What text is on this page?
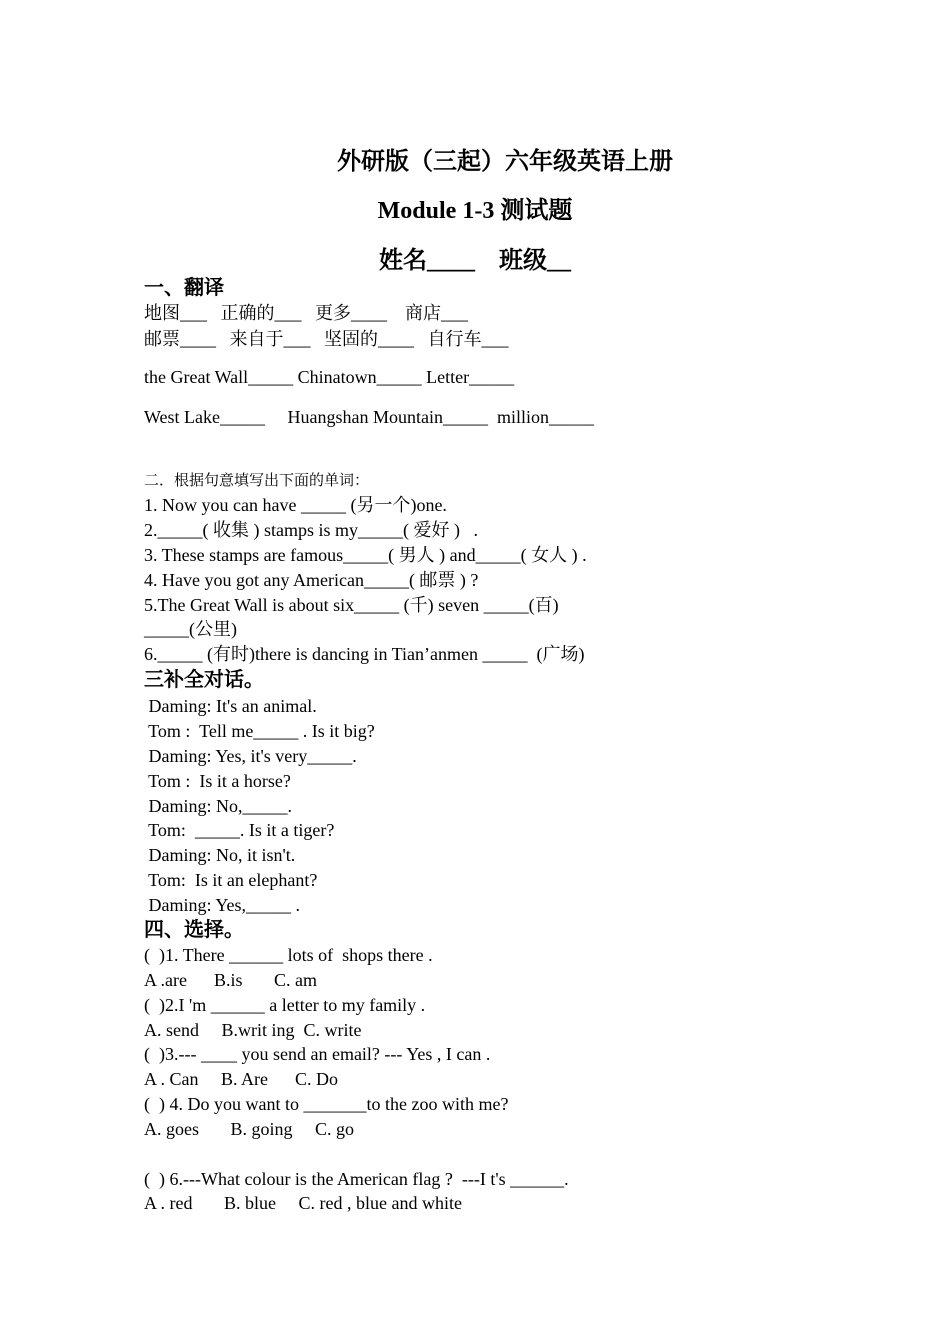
外研版（三起）六年级英语上册
Module 1-3 测试题
姓名____    班级__
一、翻译
地图___   正确的___   更多____    商店___
邮票____   来自于___   坚固的____   自行车___
the Great Wall_____ Chinatown_____ Letter_____
West Lake_____     Huangshan Mountain_____  million_____
二．根据句意填写出下面的单词：
1. Now you can have _____ (另一个)one.
2._____( 收集 ) stamps is my_____( 爱好 )   .
3. These stamps are famous_____( 男人 ) and_____( 女人 ) .
4. Have you got any American_____( 邮票 ) ?
5.The Great Wall is about six_____ (千) seven _____(百)
_____(公里)
6._____ (有时)there is dancing in Tian’anmen _____  (广场)
三补全对话。
Daming: It's an animal.
Tom :  Tell me_____ . Is it big?
Daming: Yes, it's very_____.
Tom :  Is it a horse?
Daming: No,_____.
Tom:  _____. Is it a tiger?
Daming: No, it isn't.
Tom:  Is it an elephant?
Daming: Yes,_____ .
四、选择。
(  )1. There ______ lots of  shops there .
A .are      B.is       C. am
(  )2.I 'm ______ a letter to my family .
A. send     B.writ ing  C. write
(  )3.--- ____ you send an email? --- Yes , I can .
A . Can     B. Are      C. Do
(  ) 4. Do you want to _______to the zoo with me?
A. goes       B. going     C. go
(  ) 6.---What colour is the American flag ?  ---I t's ______.
A . red       B. blue     C. red , blue and white
